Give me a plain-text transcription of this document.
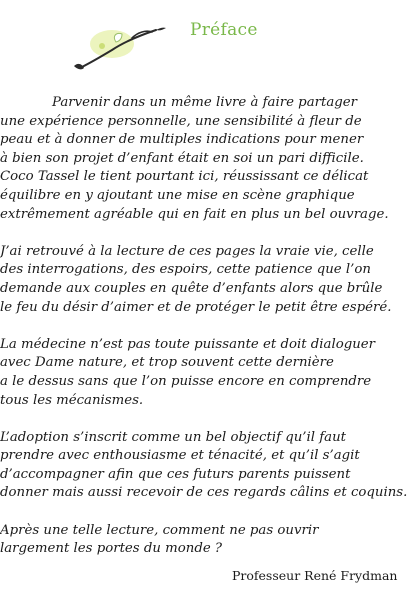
Préface

Parvenir dans un même livre à faire partager
une expérience personnelle, une sensibilité à fleur de
peau et à donner de multiples indications pour mener
à bien son projet d’enfant était en soi un pari difficile.
Coco Tassel le tient pourtant ici, réussissant ce délicat
équilibre en y ajoutant une mise en scène graphique
extrêmement agréable qui en fait en plus un bel ouvrage.

J’ai retrouvé à la lecture de ces pages la vraie vie, celle
des interrogations, des espoirs, cette patience que l’on
demande aux couples en quête d’enfants alors que brûle
le feu du désir d’aimer et de protéger le petit être espéré.

La médecine n’est pas toute puissante et doit dialoguer
avec Dame nature, et trop souvent cette dernière
a le dessus sans que l’on puisse encore en comprendre
tous les mécanismes.

L’adoption s’inscrit comme un bel objectif qu’il faut
prendre avec enthousiasme et ténacité, et qu’il s’agit
d’accompagner afin que ces futurs parents puissent
donner mais aussi recevoir de ces regards câlins et coquins.

Après une telle lecture, comment ne pas ouvrir
largement les portes du monde ?

Professeur René Frydman
